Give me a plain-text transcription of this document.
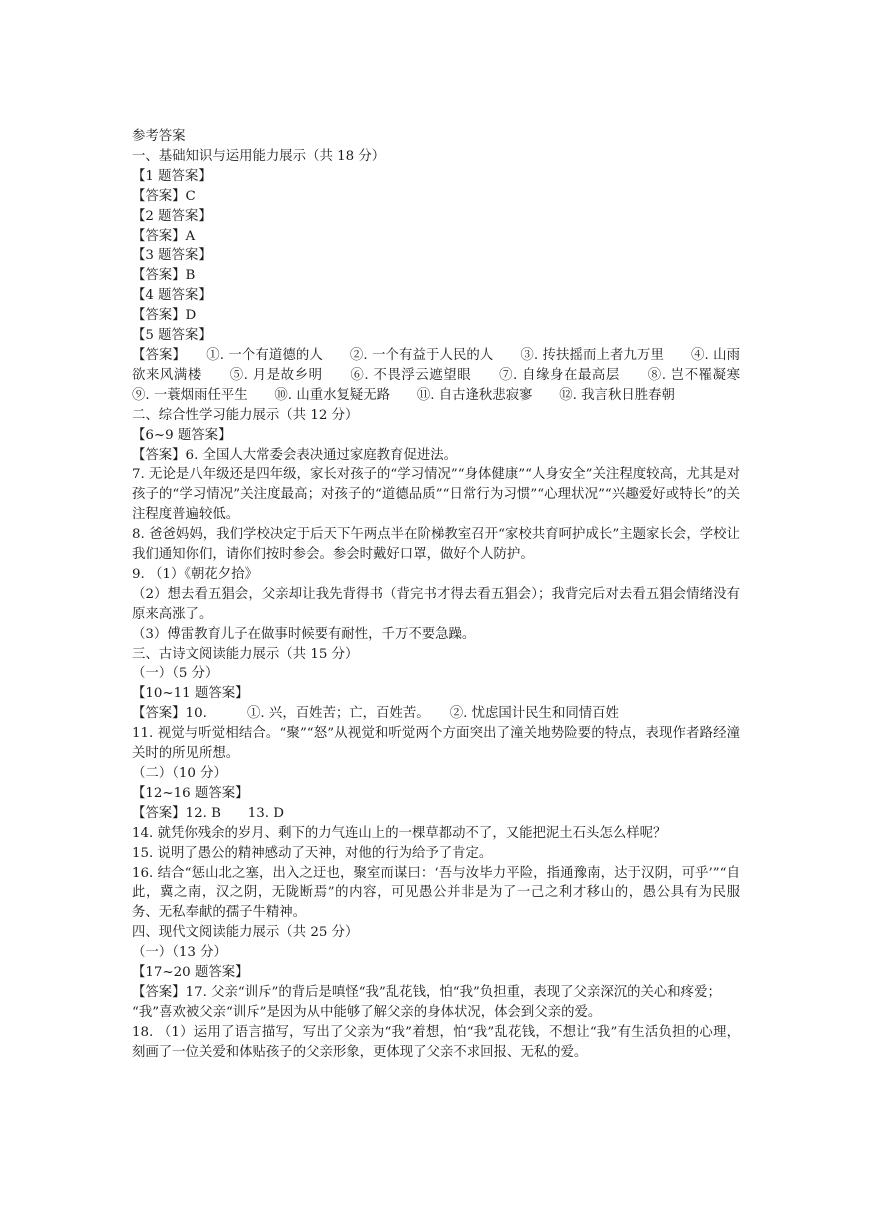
参考答案

一、基础知识与运用能力展示（共 18 分）

【1 题答案】

【答案】C

【2 题答案】

【答案】A

【3 题答案】

【答案】B

【4 题答案】

【答案】D

【5 题答案】

【答案】　　①. 一个有道德的人　　②. 一个有益于人民的人　　③. 抟扶摇而上者九万里　　④. 山雨欲来风满楼　　⑤. 月是故乡明　　⑥. 不畏浮云遮望眼　　⑦. 自缘身在最高层　　⑧. 岂不罹凝寒　　⑨. 一蓑烟雨任平生　　⑩. 山重水复疑无路　　⑪. 自古逢秋悲寂寥　　⑫. 我言秋日胜春朝

二、综合性学习能力展示（共 12 分）

【6~9 题答案】

【答案】6. 全国人大常委会表决通过家庭教育促进法。

7. 无论是八年级还是四年级，家长对孩子的“学习情况”“身体健康”“人身安全”关注程度较高，尤其是对孩子的“学习情况”关注度最高；对孩子的“道德品质”“日常行为习惯”“心理状况”“兴趣爱好或特长”的关注程度普遍较低。

8. 爸爸妈妈，我们学校决定于后天下午两点半在阶梯教室召开“家校共育呵护成长”主题家长会，学校让我们通知你们，请你们按时参会。参会时戴好口罩，做好个人防护。

9. （1）《朝花夕拾》

（2）想去看五猖会，父亲却让我先背得书（背完书才得去看五猖会）；我背完后对去看五猖会情绪没有原来高涨了。

（3）傅雷教育儿子在做事时候要有耐性，千万不要急躁。

三、古诗文阅读能力展示（共 15 分）

（一）（5 分）

【10~11 题答案】

【答案】10.　　　①. 兴，百姓苦；亡，百姓苦。　　②. 忧虑国计民生和同情百姓

11. 视觉与听觉相结合。“聚”“怒”从视觉和听觉两个方面突出了潼关地势险要的特点，表现作者路经潼关时的所见所想。

（二）（10 分）

【12~16 题答案】

【答案】12. B　　13. D

14. 就凭你残余的岁月、剩下的力气连山上的一棵草都动不了，又能把泥土石头怎么样呢？

15. 说明了愚公的精神感动了天神，对他的行为给予了肯定。

16. 结合“惩山北之塞，出入之迂也，聚室而谋曰：‘吾与汝毕力平险，指通豫南，达于汉阴，可乎’”“自此，冀之南，汉之阴，无陇断焉”的内容，可见愚公并非是为了一己之利才移山的，愚公具有为民服务、无私奉献的孺子牛精神。

四、现代文阅读能力展示（共 25 分）

（一）（13 分）

【17~20 题答案】

【答案】17. 父亲“训斥”的背后是嗔怪“我”乱花钱，怕“我”负担重，表现了父亲深沉的关心和疼爱；

“我”喜欢被父亲“训斥”是因为从中能够了解父亲的身体状况，体会到父亲的爱。

18. （1）运用了语言描写，写出了父亲为“我”着想，怕“我”乱花钱，不想让“我”有生活负担的心理，刻画了一位关爱和体贴孩子的父亲形象，更体现了父亲不求回报、无私的爱。
